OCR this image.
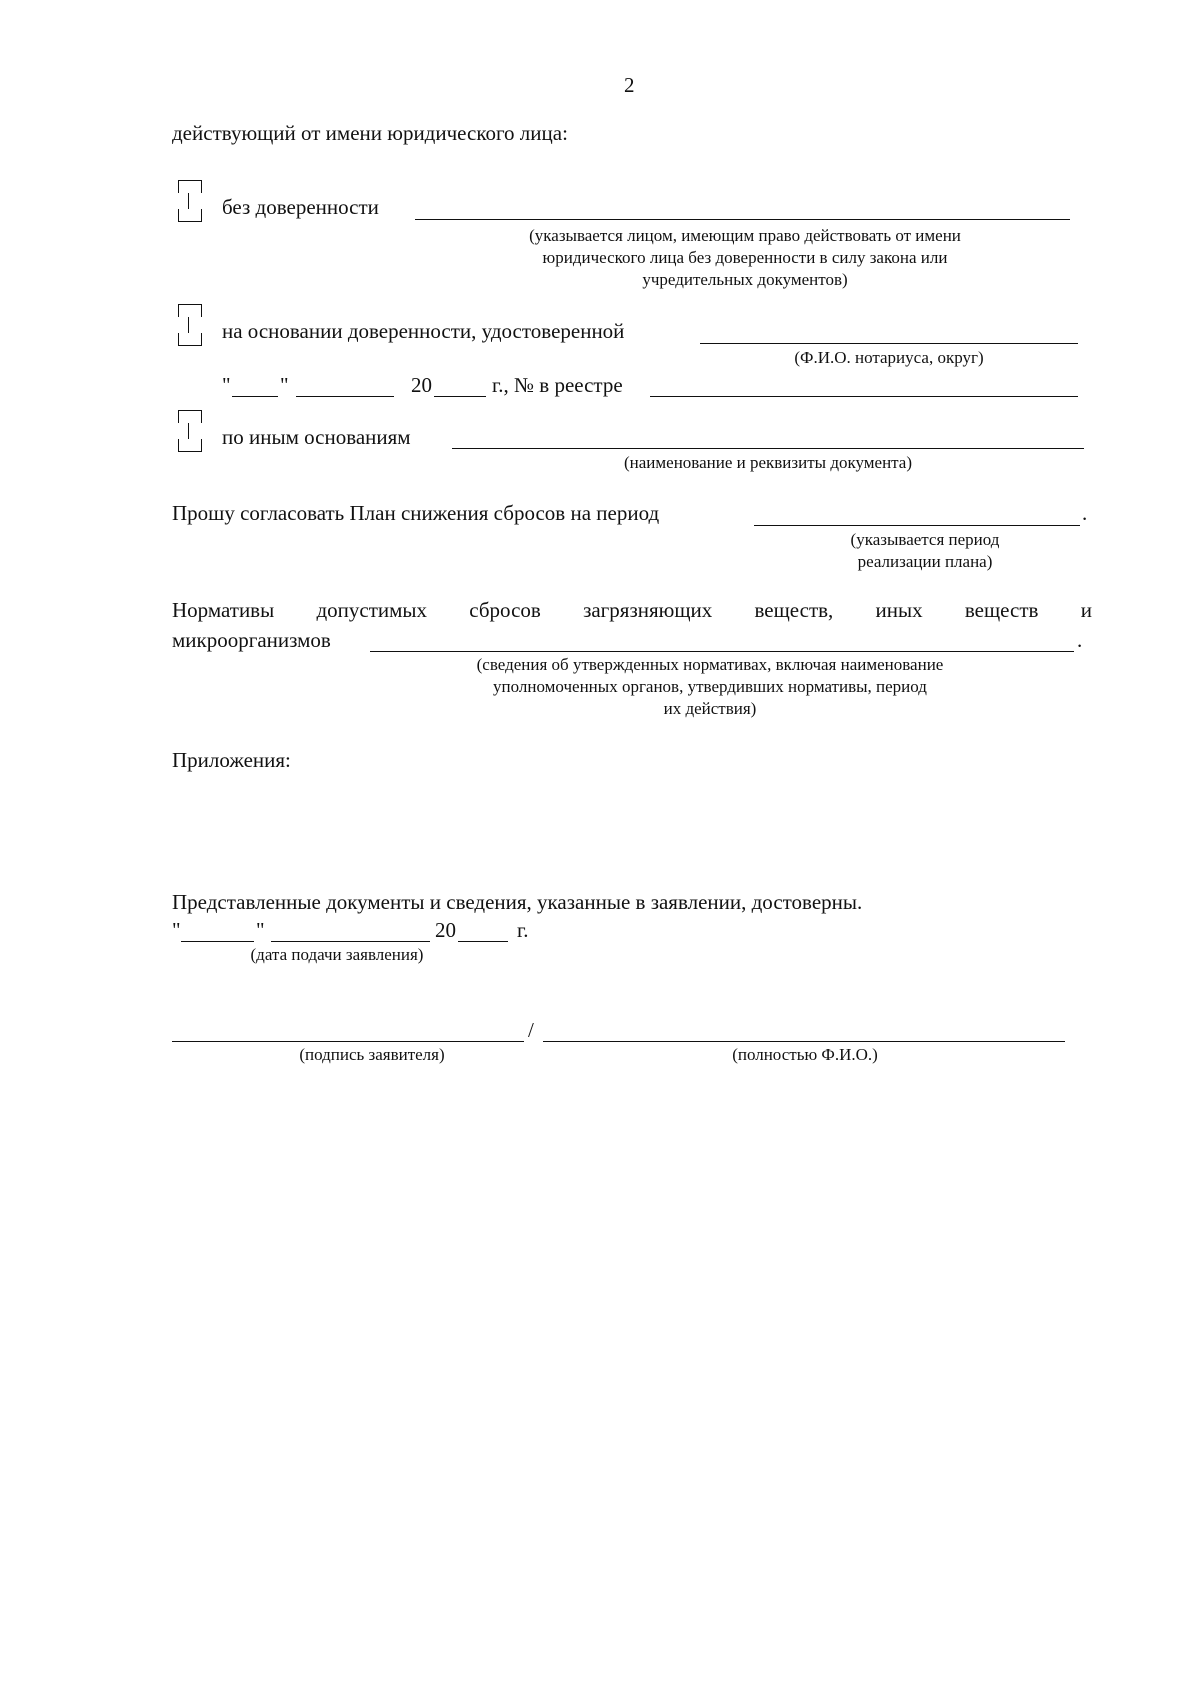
2
действующий от имени юридического лица:
без доверенности
(указывается лицом, имеющим право действовать от имени
юридического лица без доверенности в силу закона или
учредительных документов)
на основании доверенности, удостоверенной
(Ф.И.О. нотариуса, округ)
" "	20	г., № в реестре
по иным основаниям
(наименование и реквизиты документа)
Прошу согласовать План снижения сбросов на период	.
(указывается период
реализации плана)
Нормативы допустимых сбросов загрязняющих веществ, иных веществ и
микроорганизмов	.
(сведения об утвержденных нормативах, включая наименование
уполномоченных органов, утвердивших нормативы, период
их действия)
Приложения:
Представленные документы и сведения, указанные в заявлении, достоверны.
"	"	20	г.
(дата подачи заявления)
/
(подпись заявителя)	(полностью Ф.И.О.)
